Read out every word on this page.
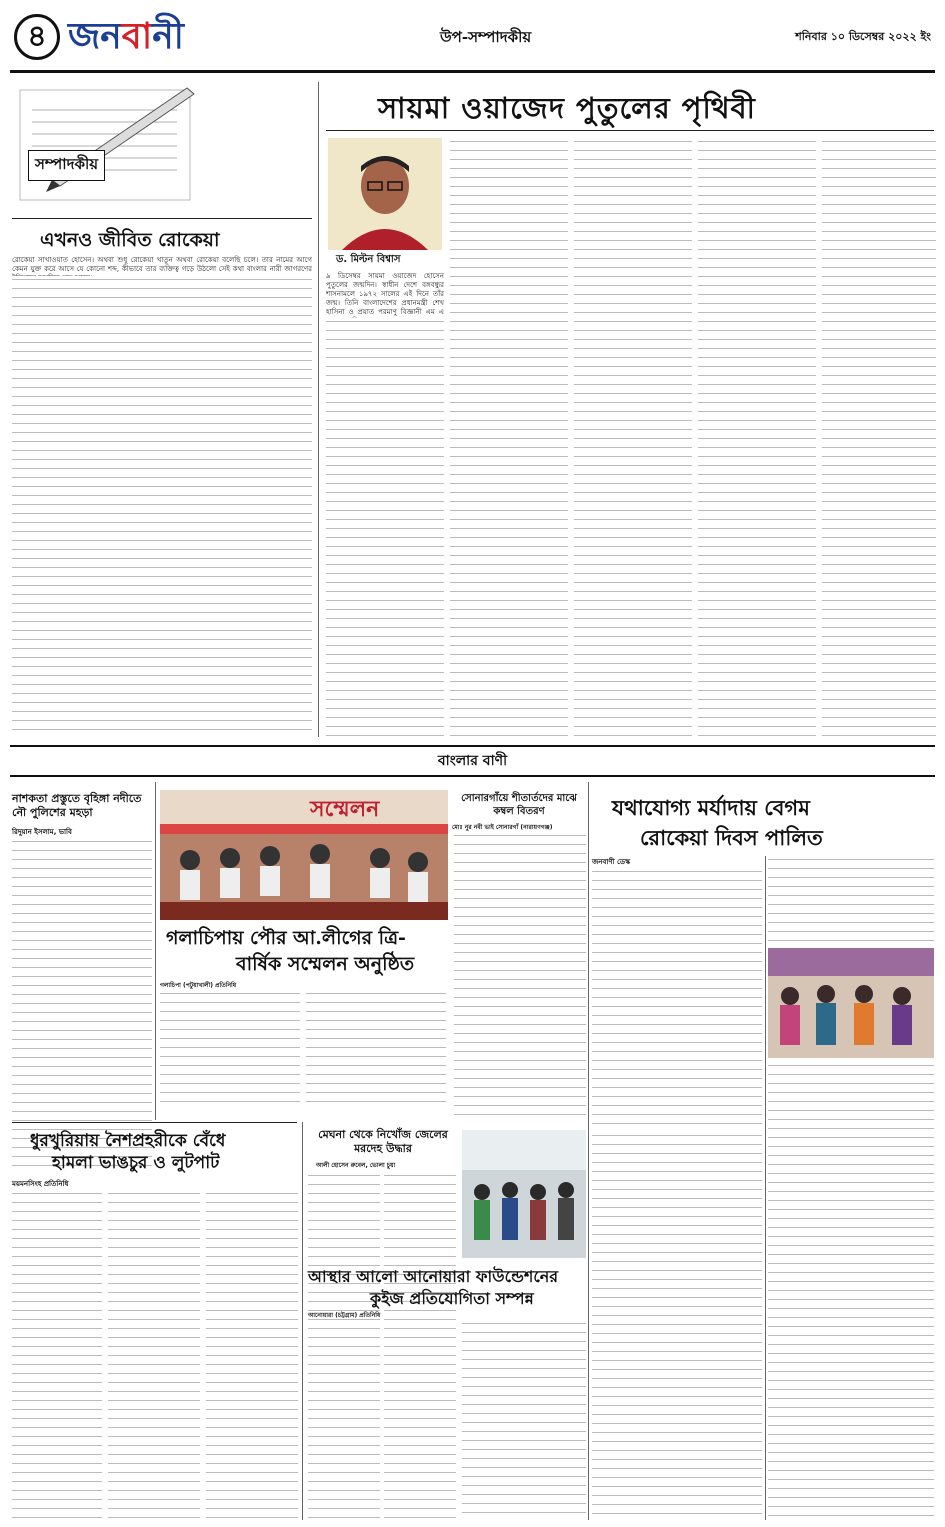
৪ জন বা নী	উপ-সম্পাদকীয়	শনিবার ১০ ডিসেম্বর ২০২২ ইং
সম্পাদকীয়
এখনও জীবিত রোকেয়া
রোকেয়া সাখাওয়াত হোসেন। অথবা শুধু রোকেয়া খাতুন অথবা রোকেয়া বলেছি চলে। তার নামের আগে কেমন যুক্ত করে আসে যে কোনো শব্দ, কীভাবে তার ব্যক্তিত্ব গড়ে উঠলো সেই কথা বাংলার নারী জাগরণের
সায়মা ওয়াজেদ পুতুলের পৃথিবী
ড. মিল্টন বিশ্বাস
৯ ডিসেম্বর সায়মা ওয়াজেদ হোসেন পুতুলের জন্মদিন। স্বাধীন দেশে বঙ্গবন্ধুর শাসনামলে ১৯৭২ সালের এই দিনে তাঁর জন্ম। তিনি বাংলাদেশের প্রধানমন্ত্রী শেখ হাসিনা ও প্রয়াত পরমাণু বিজ্ঞানী এম এ
বাংলার বাণী
নাশকতা প্রস্তুতে বৃহিঙ্গা নদীতে নৌ পুলিশের মহড়া
রিদুয়ান ইসলাম, ভাবি
সম্মেলন	সোনারগাঁয়ে শীতার্তদের মাঝে কম্বল বিতরণ
মোঃ নুর নবী ভাই সোনারগাঁ (নারায়ণগঞ্জ)
গলাচিপায় পৌর আ.লীগের ত্রি-
বার্ষিক সম্মেলন অনুষ্ঠিত
গলাচিপা (পটুয়াখালী) প্রতিনিধি
যথাযোগ্য মর্যাদায় বেগম
রোকেয়া দিবস পালিত
জনবাণী ডেস্ক
ধুরখুরিয়ায় নৈশপ্রহরীকে বেঁধে
হামলা ভাঙচুর ও লুটপাট
ময়মনসিংহ প্রতিনিধি
মেঘনা থেকে নিখোঁজ জেলের মরদেহ উদ্ধার
আলী হোসেন রুবেল, ভোলা চুয়া
আস্থার আলো আনোয়ারা ফাউন্ডেশনের
কুইজ প্রতিযোগিতা সম্পন্ন
আনোয়ারা (চট্টগ্রাম) প্রতিনিধি
